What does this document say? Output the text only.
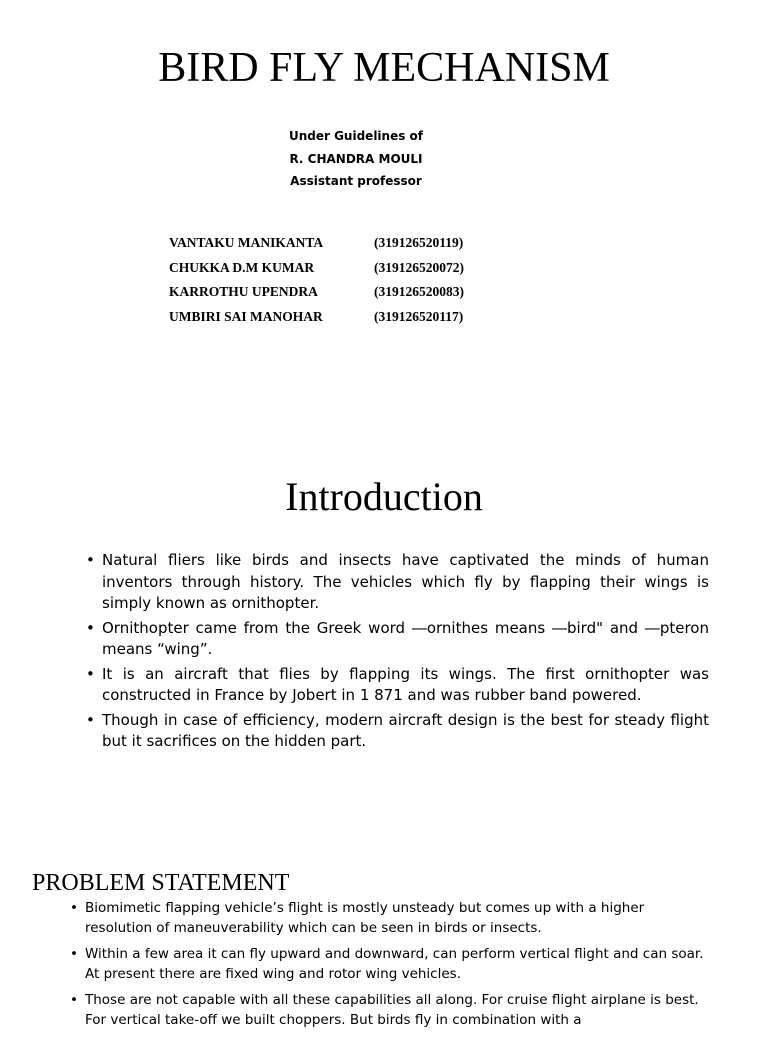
BIRD FLY MECHANISM
Under Guidelines of
R. CHANDRA MOULI
Assistant professor
VANTAKU MANIKANTA	(319126520119)
CHUKKA D.M KUMAR	(319126520072)
KARROTHU UPENDRA	(319126520083)
UMBIRI SAI MANOHAR	(319126520117)
Introduction
• Natural fliers like birds and insects have captivated the minds of human inventors through history. The vehicles which fly by flapping their wings is simply known as ornithopter.
• Ornithopter came from the Greek word ―ornithes means ―bird" and ―pteron means “wing”.
• It is an aircraft that flies by flapping its wings. The first ornithopter was constructed in France by Jobert in 1 871 and was rubber band powered.
• Though in case of efficiency, modern aircraft design is the best for steady flight but it sacrifices on the hidden part.
PROBLEM STATEMENT
• Biomimetic flapping vehicle’s flight is mostly unsteady but comes up with a higher resolution of maneuverability which can be seen in birds or insects.
• Within a few area it can fly upward and downward, can perform vertical flight and can soar. At present there are fixed wing and rotor wing vehicles.
• Those are not capable with all these capabilities all along. For cruise flight airplane is best. For vertical take-off we built choppers. But birds fly in combination with a
